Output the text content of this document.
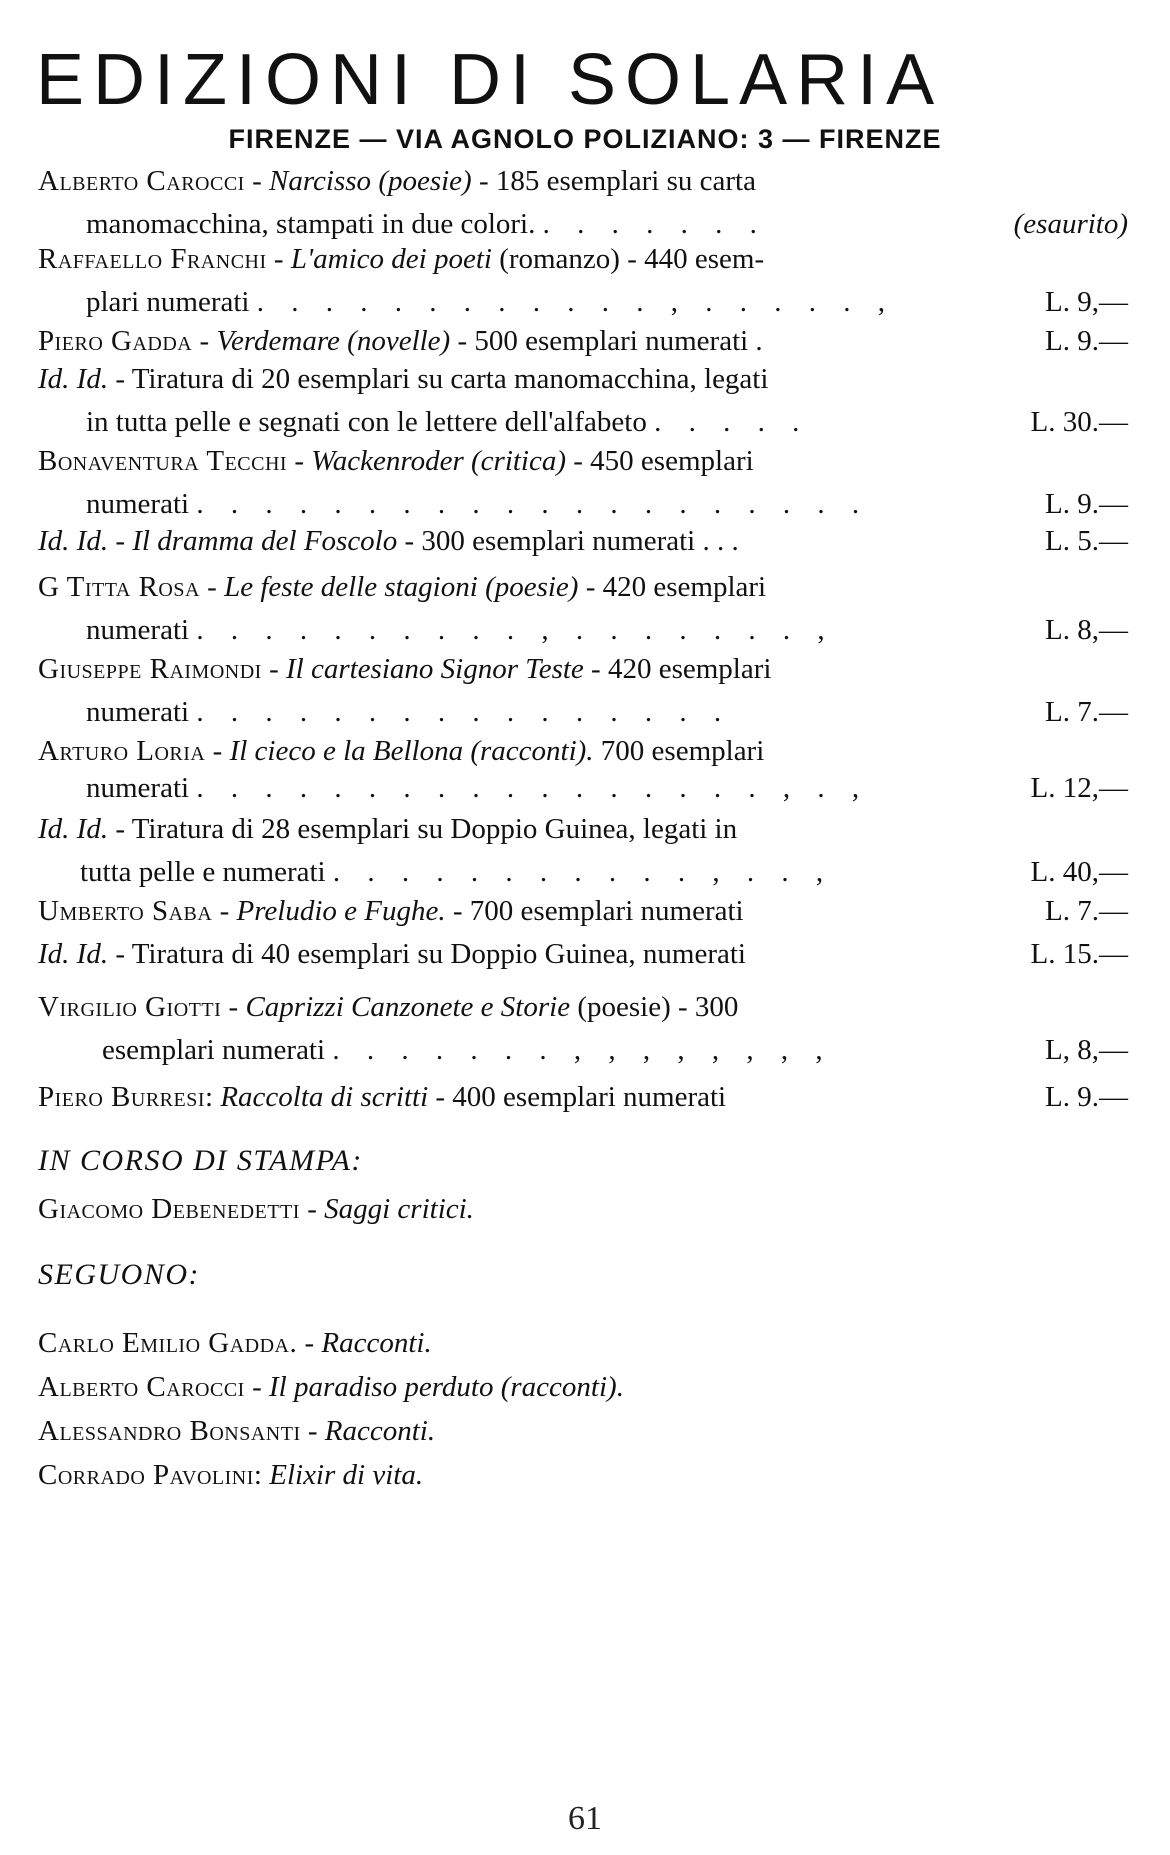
EDIZIONI DI SOLARIA
FIRENZE — VIA AGNOLO POLIZIANO: 3 — FIRENZE
Alberto Carocci - Narcisso (poesie) - 185 esemplari su carta
manomacchina, stampati in due colori. . . . . . . .	(esaurito)
Raffaello Franchi - L'amico dei poeti (romanzo) - 440 esem-
plari numerati . . . . . . . . . . . . , . . . . . ,	L. 9,—
Piero Gadda - Verdemare (novelle) - 500 esemplari numerati .	L. 9.—
Id. Id. - Tiratura di 20 esemplari su carta manomacchina, legati
in tutta pelle e segnati con le lettere dell'alfabeto . . . . .	L. 30.—
Bonaventura Tecchi - Wackenroder (critica) - 450 esemplari
numerati . . . . . . . . . . . . . . . . . . . .	L. 9.—
Id. Id. - Il dramma del Foscolo - 300 esemplari numerati . . .	L. 5.—
G Titta Rosa - Le feste delle stagioni (poesie) - 420 esemplari
numerati . . . . . . . . . . , . . . . . . . ,	L. 8,—
Giuseppe Raimondi - Il cartesiano Signor Teste - 420 esemplari
numerati . . . . . . . . . . . . . . . .	L. 7.—
Arturo Loria - Il cieco e la Bellona (racconti). 700 esemplari
numerati . . . . . . . . . . . . . . . . . , . ,	L. 12,—
Id. Id. - Tiratura di 28 esemplari su Doppio Guinea, legati in
tutta pelle e numerati . . . . . . . . . . . , . . ,	L. 40,—
Umberto Saba - Preludio e Fughe. - 700 esemplari numerati	L. 7.—
Id. Id. - Tiratura di 40 esemplari su Doppio Guinea, numerati	L. 15.—
Virgilio Giotti - Caprizzi Canzonete e Storie (poesie) - 300
esemplari numerati . . . . . . . , , , , , , , ,	L, 8,—
Piero Burresi: Raccolta di scritti - 400 esemplari numerati	L. 9.—
IN CORSO DI STAMPA:
Giacomo Debenedetti - Saggi critici.
SEGUONO:
Carlo Emilio Gadda. - Racconti.
Alberto Carocci - Il paradiso perduto (racconti).
Alessandro Bonsanti - Racconti.
Corrado Pavolini: Elixir di vita.
61
